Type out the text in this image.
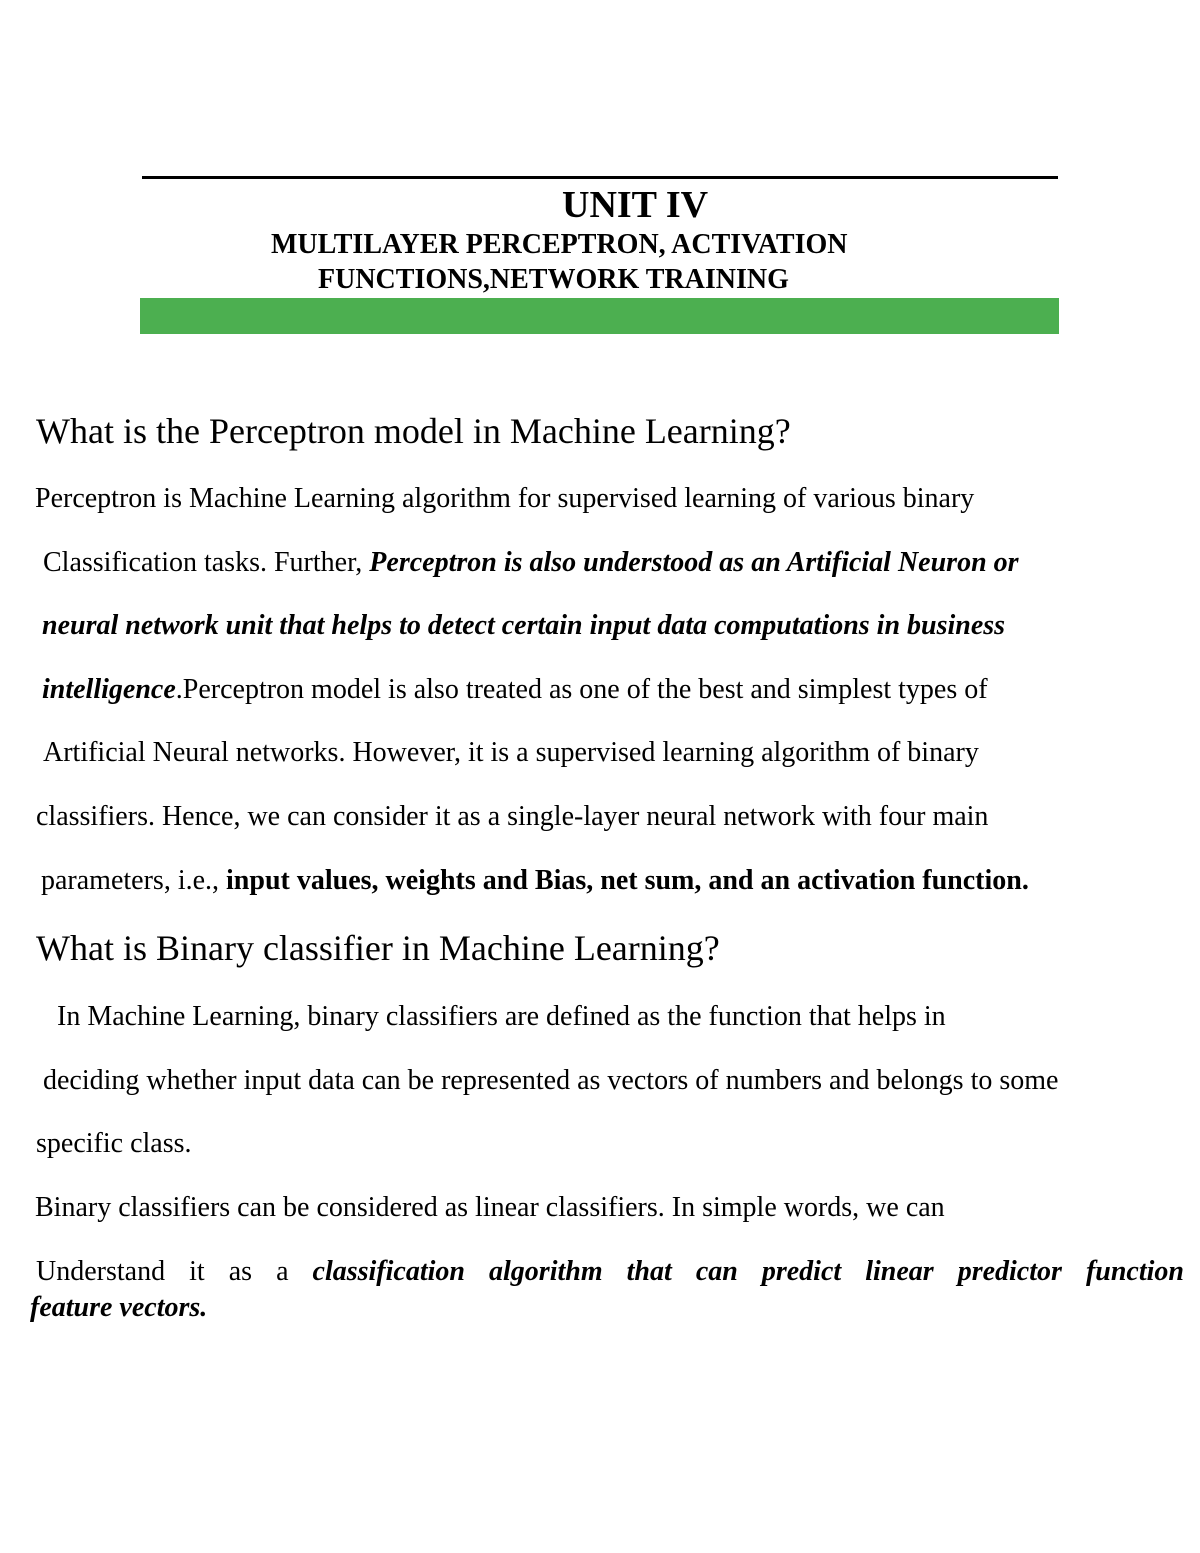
UNIT IV
MULTILAYER PERCEPTRON, ACTIVATION
FUNCTIONS,NETWORK TRAINING
What is the Perceptron model in Machine Learning?
Perceptron is Machine Learning algorithm for supervised learning of various binary
Classification tasks. Further, Perceptron is also understood as an Artificial Neuron or
neural network unit that helps to detect certain input data computations in business
intelligence.Perceptron model is also treated as one of the best and simplest types of
Artificial Neural networks. However, it is a supervised learning algorithm of binary
classifiers. Hence, we can consider it as a single-layer neural network with four main
parameters, i.e., input values, weights and Bias, net sum, and an activation function.
What is Binary classifier in Machine Learning?
In Machine Learning, binary classifiers are defined as the function that helps in
deciding whether input data can be represented as vectors of numbers and belongs to some
specific class.
Binary classifiers can be considered as linear classifiers. In simple words, we can
Understand it as a classification algorithm that can predict linear predictor function
feature vectors.
